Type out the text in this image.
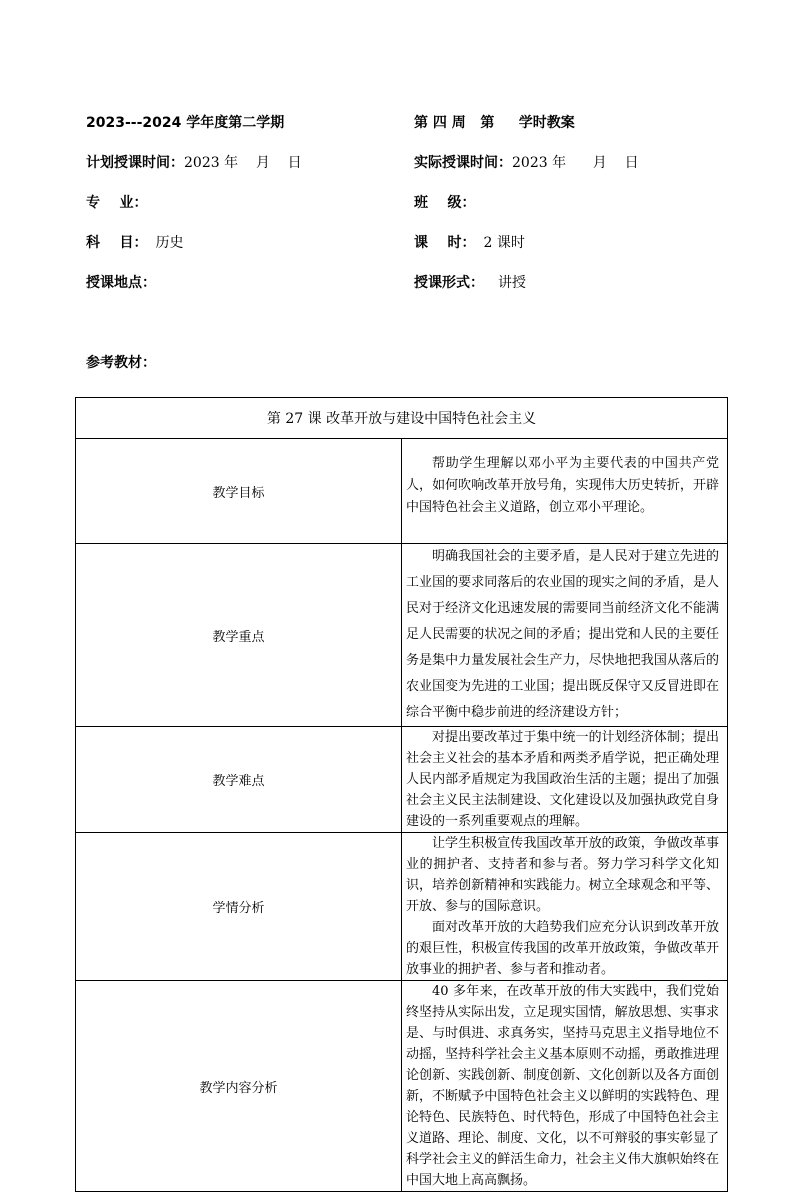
2023---2024 学年度第二学期	第 四 周   第     学时教案
计划授课时间：2023 年    月    日	实际授课时间：2023 年      月    日
专    业：	班    级：
科    目： 历史	课    时： 2 课时
授课地点：	授课形式： 讲授
参考教材：
第 27 课 改革开放与建设中国特色社会主义	
教学目标	帮助学生理解以邓小平为主要代表的中国共产党人，如何吹响改革开放号角，实现伟大历史转折，开辟中国特色社会主义道路，创立邓小平理论。

教学重点	明确我国社会的主要矛盾，是人民对于建立先进的工业国的要求同落后的农业国的现实之间的矛盾，是人民对于经济文化迅速发展的需要同当前经济文化不能满足人民需要的状况之间的矛盾；提出党和人民的主要任务是集中力量发展社会生产力，尽快地把我国从落后的农业国变为先进的工业国；提出既反保守又反冒进即在综合平衡中稳步前进的经济建设方针；

教学难点	对提出要改革过于集中统一的计划经济体制；提出社会主义社会的基本矛盾和两类矛盾学说，把正确处理人民内部矛盾规定为我国政治生活的主题；提出了加强社会主义民主法制建设、文化建设以及加强执政党自身建设的一系列重要观点的理解。

学情分析	让学生积极宣传我国改革开放的政策，争做改革事业的拥护者、支持者和参与者。努力学习科学文化知识，培养创新精神和实践能力。树立全球观念和平等、开放、参与的国际意识。

面对改革开放的大趋势我们应充分认识到改革开放的艰巨性，积极宣传我国的改革开放政策，争做改革开放事业的拥护者、参与者和推动者。

教学内容分析	40 多年来，在改革开放的伟大实践中，我们党始终坚持从实际出发，立足现实国情，解放思想、实事求是、与时俱进、求真务实，坚持马克思主义指导地位不动摇，坚持科学社会主义基本原则不动摇，勇敢推进理论创新、实践创新、制度创新、文化创新以及各方面创新，不断赋予中国特色社会主义以鲜明的实践特色、理论特色、民族特色、时代特色，形成了中国特色社会主义道路、理论、制度、文化，以不可辩驳的事实彰显了科学社会主义的鲜活生命力，社会主义伟大旗帜始终在中国大地上高高飘扬。
